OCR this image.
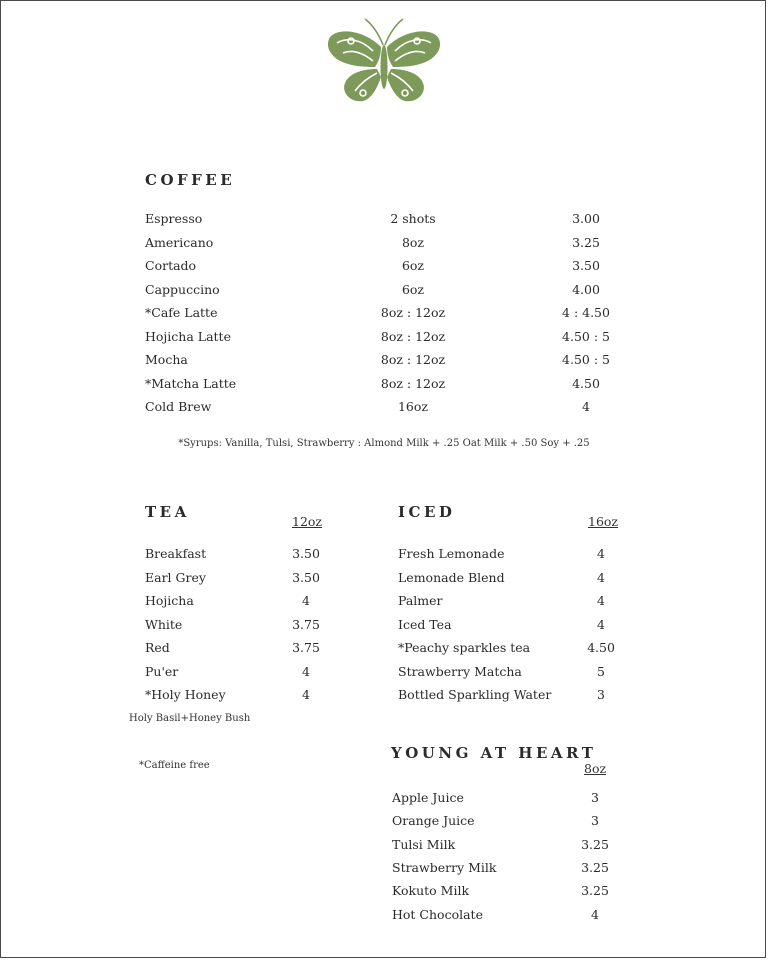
COFFEE
Espresso	2 shots	3.00
Americano	8oz	3.25
Cortado	6oz	3.50
Cappuccino	6oz	4.00
*Cafe Latte	8oz : 12oz	4 : 4.50
Hojicha Latte	8oz : 12oz	4.50 : 5
Mocha	8oz : 12oz	4.50 : 5
*Matcha Latte	8oz : 12oz	4.50
Cold Brew	16oz	4
*Syrups: Vanilla, Tulsi, Strawberry : Almond Milk + .25 Oat Milk + .50 Soy + .25
TEA
12oz
Breakfast	3.50
Earl Grey	3.50
Hojicha	4
White	3.75
Red	3.75
Pu'er	4
*Holy Honey	4
Holy Basil+Honey Bush
*Caffeine free
ICED
16oz
Fresh Lemonade	4
Lemonade Blend	4
Palmer	4
Iced Tea	4
*Peachy sparkles tea	4.50
Strawberry Matcha	5
Bottled Sparkling Water	3
YOUNG AT HEART
8oz
Apple Juice	3
Orange Juice	3
Tulsi Milk	3.25
Strawberry Milk	3.25
Kokuto Milk	3.25
Hot Chocolate	4
